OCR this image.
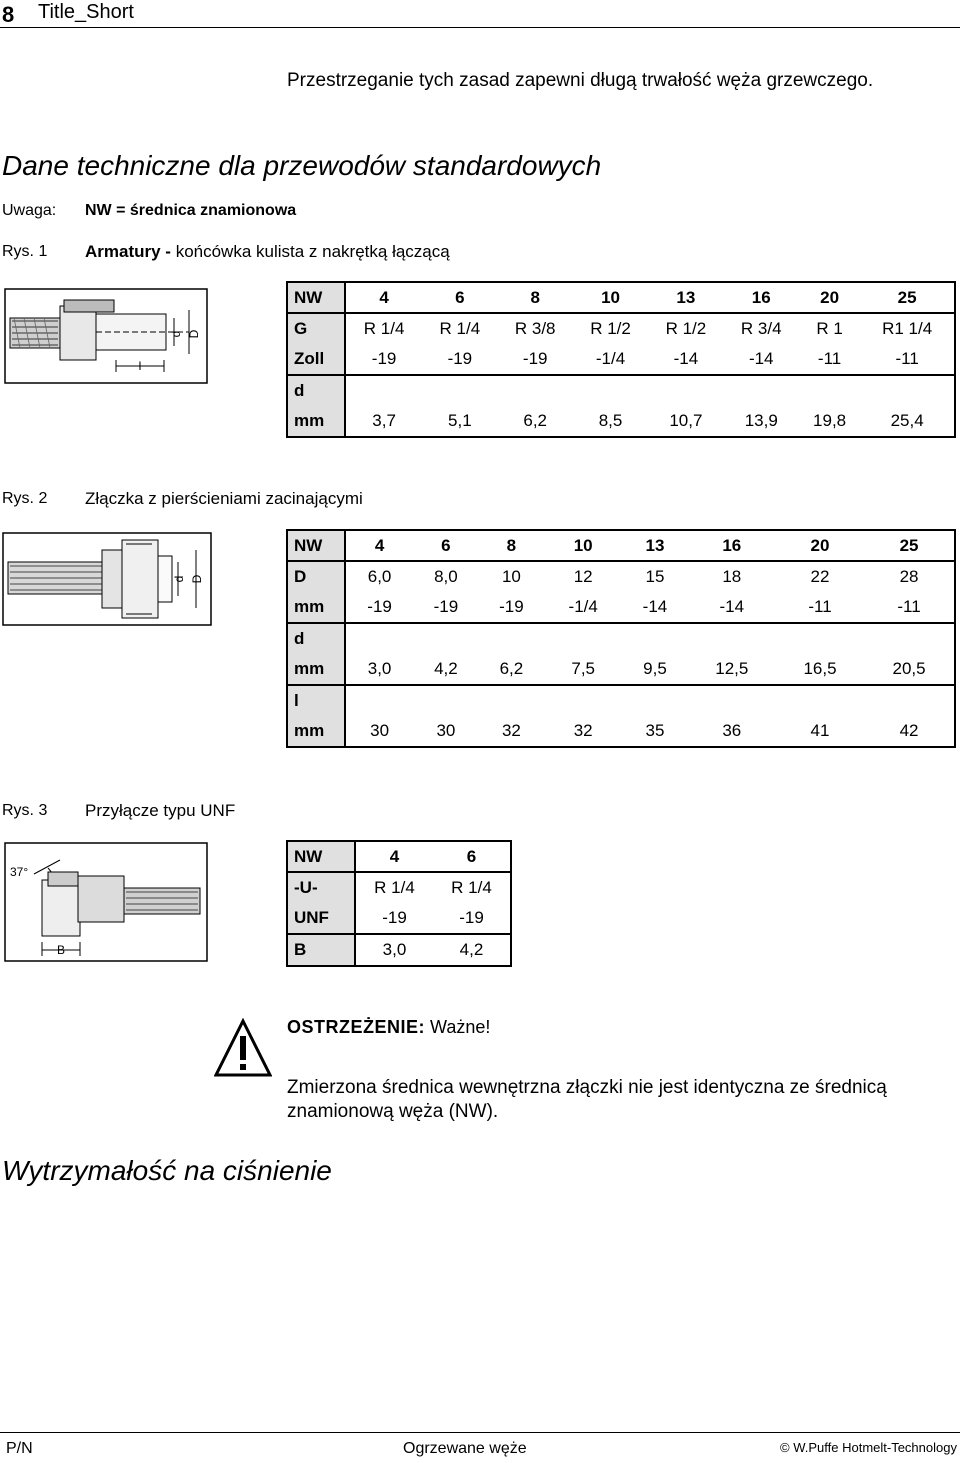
8 Title_Short
Przestrzeganie tych zasad zapewni długą trwałość węża grzewczego.
Dane techniczne dla przewodów standardowych
Uwaga: NW = średnica znamionowa
Rys. 1 Armatury - końcówka kulista z nakrętką łączącą
d D
l
NW	4	6	8	10	13	16	20	25
G	R 1/4	R 1/4	R 3/8	R 1/2	R 1/2	R 3/4	R 1	R1 1/4
Zoll	-19	-19	-19	-1/4	-14	-14	-11	-11
d								
mm	3,7	5,1	6,2	8,5	10,7	13,9	19,8	25,4
Rys. 2 Złączka z pierścieniami zacinającymi
d D
NW	4	6	8	10	13	16	20	25
D	6,0	8,0	10	12	15	18	22	28
mm	-19	-19	-19	-1/4	-14	-14	-11	-11
d								
mm	3,0	4,2	6,2	7,5	9,5	12,5	16,5	20,5
l								
mm	30	30	32	32	35	36	41	42
Rys. 3 Przyłącze typu UNF
37°
B
NW	4	6
-U-	R 1/4	R 1/4
UNF	-19	-19
B	3,0	4,2
OSTRZEŻENIE: Ważne!
Zmierzona średnica wewnętrzna złączki nie jest identyczna ze średnicą znamionową węża (NW).
Wytrzymałość na ciśnienie
P/N	Ogrzewane węże	© W.Puffe Hotmelt-Technology
